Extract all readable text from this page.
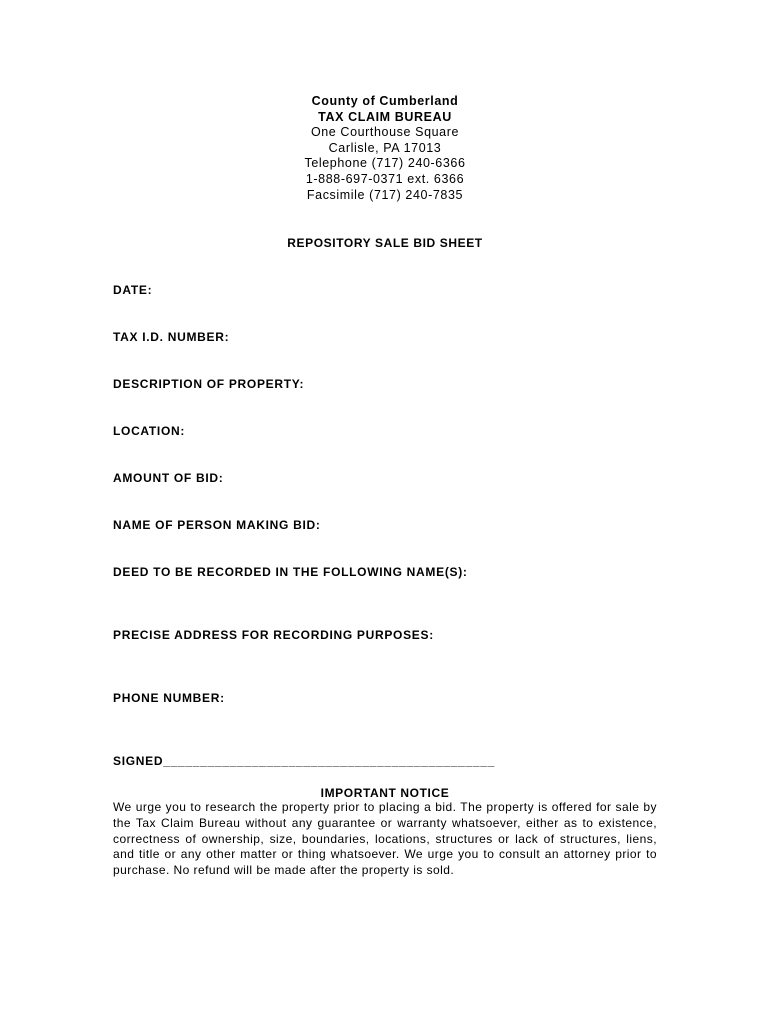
County of Cumberland
TAX CLAIM BUREAU
One Courthouse Square
Carlisle, PA 17013
Telephone (717) 240-6366
1-888-697-0371 ext. 6366
Facsimile (717) 240-7835
REPOSITORY SALE BID SHEET
DATE:
TAX I.D. NUMBER:
DESCRIPTION OF PROPERTY:
LOCATION:
AMOUNT OF BID:
NAME OF PERSON MAKING BID:
DEED TO BE RECORDED IN THE FOLLOWING NAME(S):
PRECISE ADDRESS FOR RECORDING PURPOSES:
PHONE NUMBER:
SIGNED_____________________________________________
IMPORTANT NOTICE
We urge you to research the property prior to placing a bid. The property is offered for sale by the Tax Claim Bureau without any guarantee or warranty whatsoever, either as to existence, correctness of ownership, size, boundaries, locations, structures or lack of structures, liens, and title or any other matter or thing whatsoever. We urge you to consult an attorney prior to purchase. No refund will be made after the property is sold.
